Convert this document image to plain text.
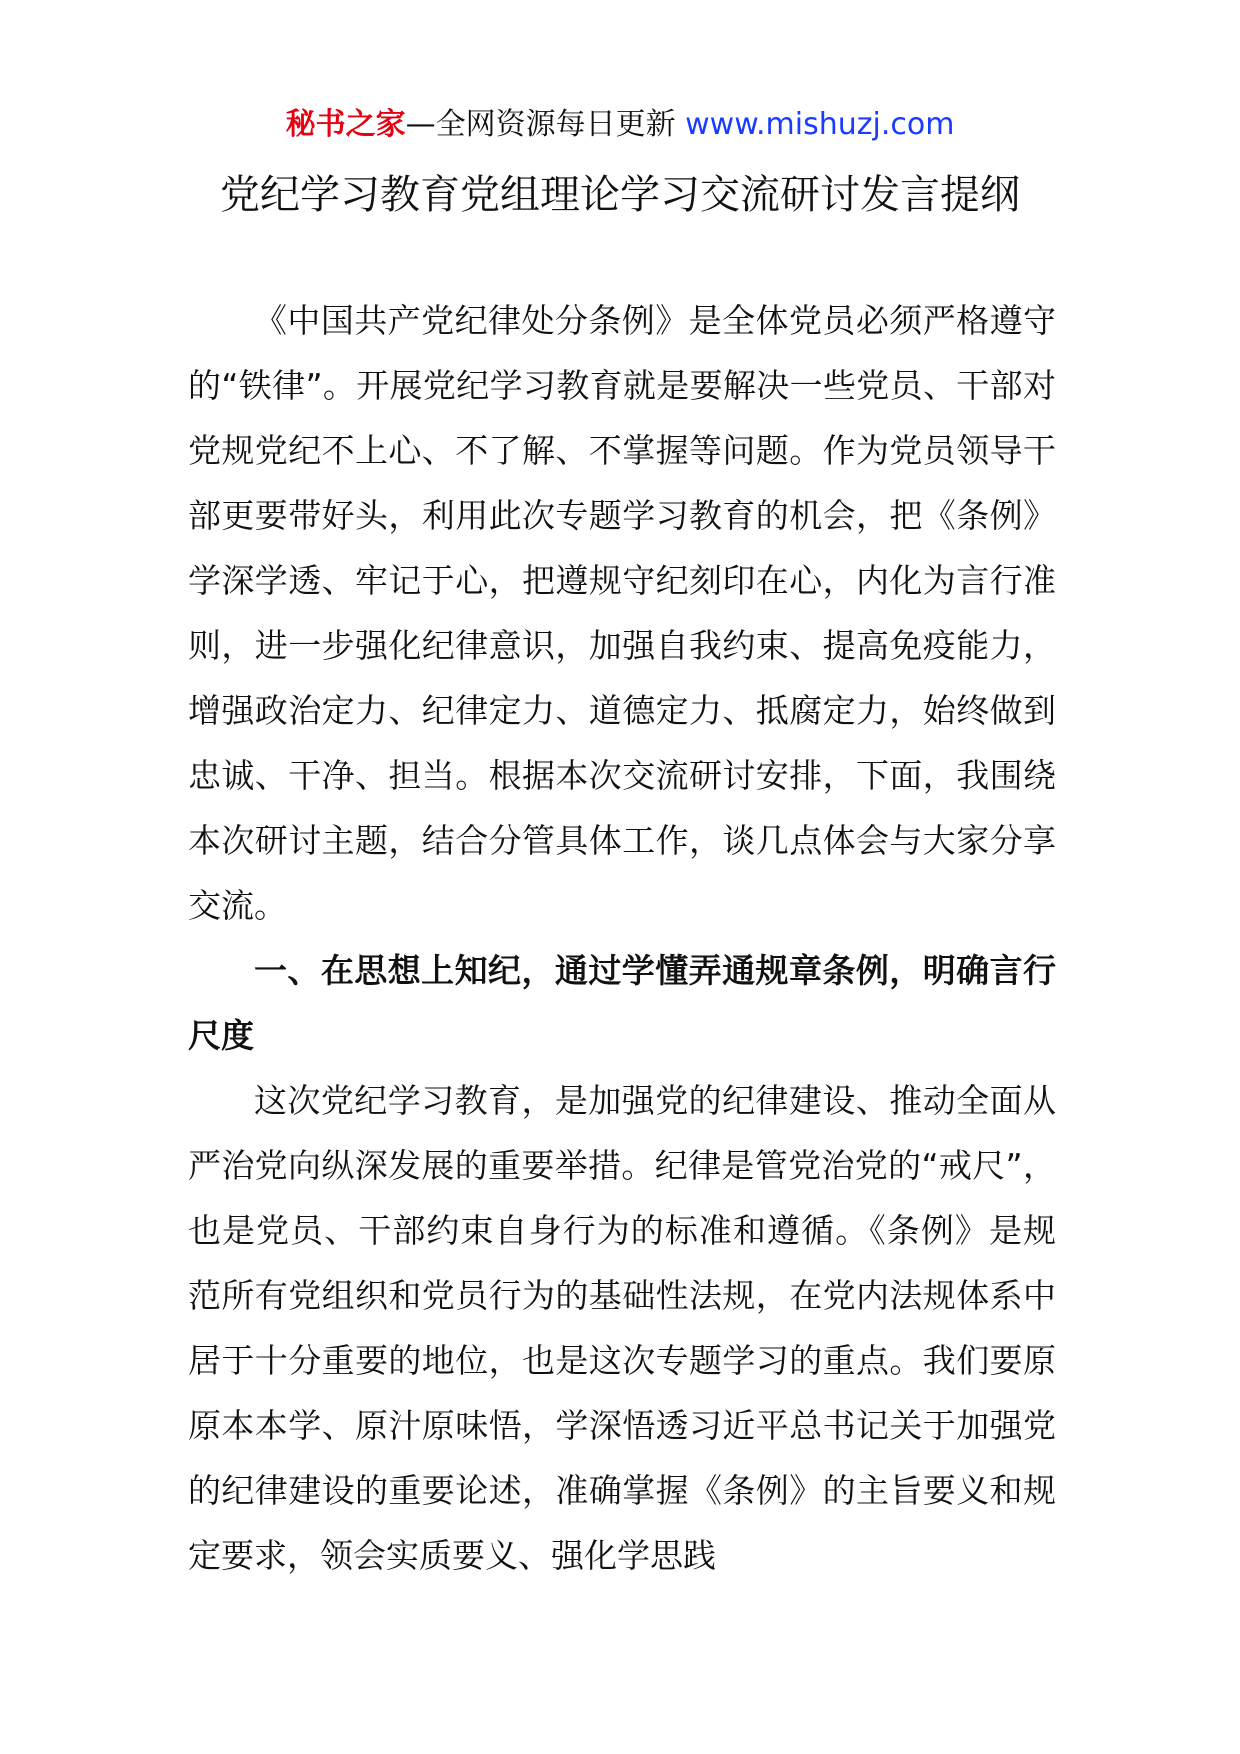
秘书之家—全网资源每日更新 www.mishuzj.com
党纪学习教育党组理论学习交流研讨发言提纲

《中国共产党纪律处分条例》是全体党员必须严格遵守的“铁律”。开展党纪学习教育就是要解决一些党员、干部对党规党纪不上心、不了解、不掌握等问题。作为党员领导干部更要带好头，利用此次专题学习教育的机会，把《条例》学深学透、牢记于心，把遵规守纪刻印在心，内化为言行准则，进一步强化纪律意识，加强自我约束、提高免疫能力，增强政治定力、纪律定力、道德定力、抵腐定力，始终做到忠诚、干净、担当。根据本次交流研讨安排，下面，我围绕本次研讨主题，结合分管具体工作，谈几点体会与大家分享交流。

一、在思想上知纪，通过学懂弄通规章条例，明确言行尺度

这次党纪学习教育，是加强党的纪律建设、推动全面从严治党向纵深发展的重要举措。纪律是管党治党的“戒尺”，也是党员、干部约束自身行为的标准和遵循。《条例》是规范所有党组织和党员行为的基础性法规，在党内法规体系中居于十分重要的地位，也是这次专题学习的重点。我们要原原本本学、原汁原味悟，学深悟透习近平总书记关于加强党的纪律建设的重要论述，准确掌握《条例》的主旨要义和规定要求，领会实质要义、强化学思践
